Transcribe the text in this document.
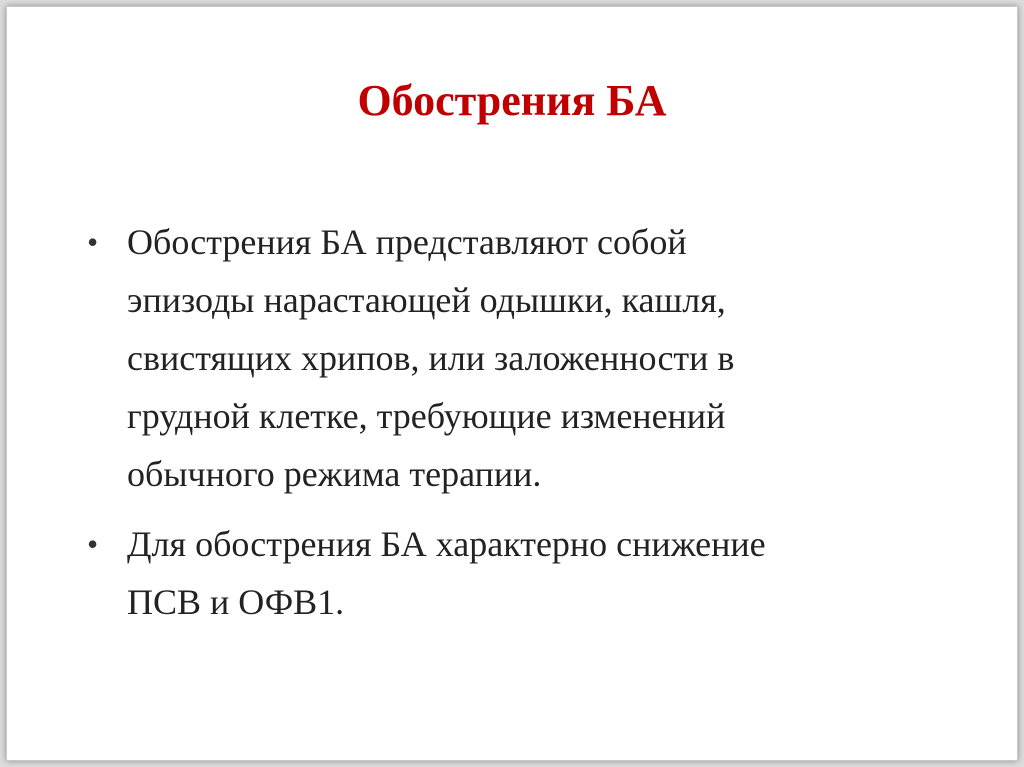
Обострения БА
• Обострения БА представляют собой
эпизоды нарастающей одышки, кашля,
свистящих хрипов, или заложенности в
грудной клетке, требующие изменений
обычного режима терапии.
• Для обострения БА характерно снижение
ПСВ и ОФВ1.
